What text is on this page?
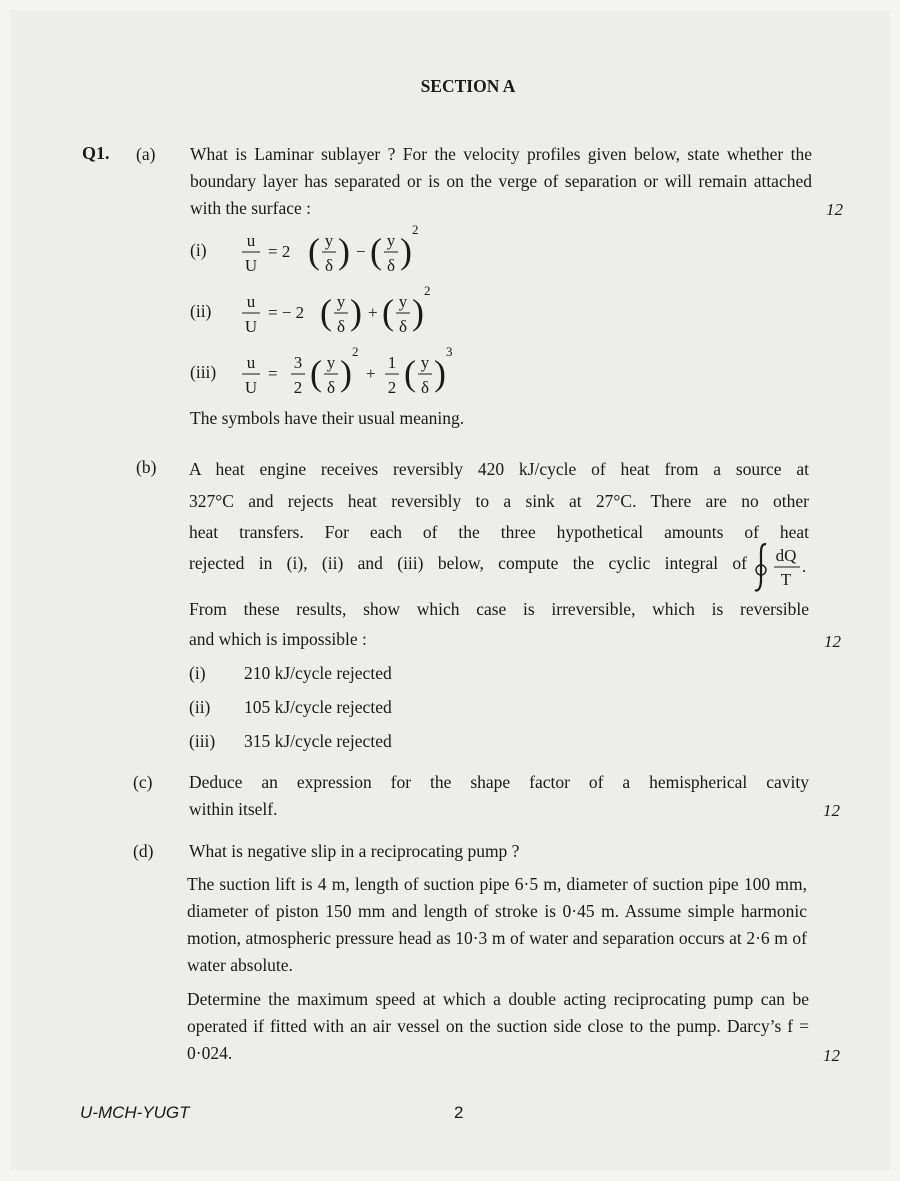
SECTION A
Q1. (a) What is Laminar sublayer ? For the velocity profiles given below, state whether the boundary layer has separated or is on the verge of separation or will remain attached with the surface :	12
(i) u
U
= 2 ( y
δ ) − ( y
δ )
2
(ii) u
U
= − 2 ( y
δ ) + ( y
δ )
2
(iii) u
U
=
3
2 ( y
δ )
2
+
1
2 ( y
δ )
3
The symbols have their usual meaning.
(b) A heat engine receives reversibly 420 kJ/cycle of heat from a source at
327°C and rejects heat reversibly to a sink at 27°C. There are no other
heat transfers. For each of the three hypothetical amounts of heat
rejected in (i), (ii) and (iii) below, compute the cyclic integral of dQ
T
.
From these results, show which case is irreversible, which is reversible
and which is impossible :	12
(i) 210 kJ/cycle rejected
(ii) 105 kJ/cycle rejected
(iii) 315 kJ/cycle rejected
(c) Deduce an expression for the shape factor of a hemispherical cavity
within itself.	12
(d) What is negative slip in a reciprocating pump ?
The suction lift is 4 m, length of suction pipe 6·5 m, diameter of suction pipe 100 mm, diameter of piston 150 mm and length of stroke is 0·45 m. Assume simple harmonic motion, atmospheric pressure head as 10·3 m of water and separation occurs at 2·6 m of water absolute.
Determine the maximum speed at which a double acting reciprocating pump can be operated if fitted with an air vessel on the suction side close to the pump. Darcy’s f = 0·024.	12
U-MCH-YUGT	2
